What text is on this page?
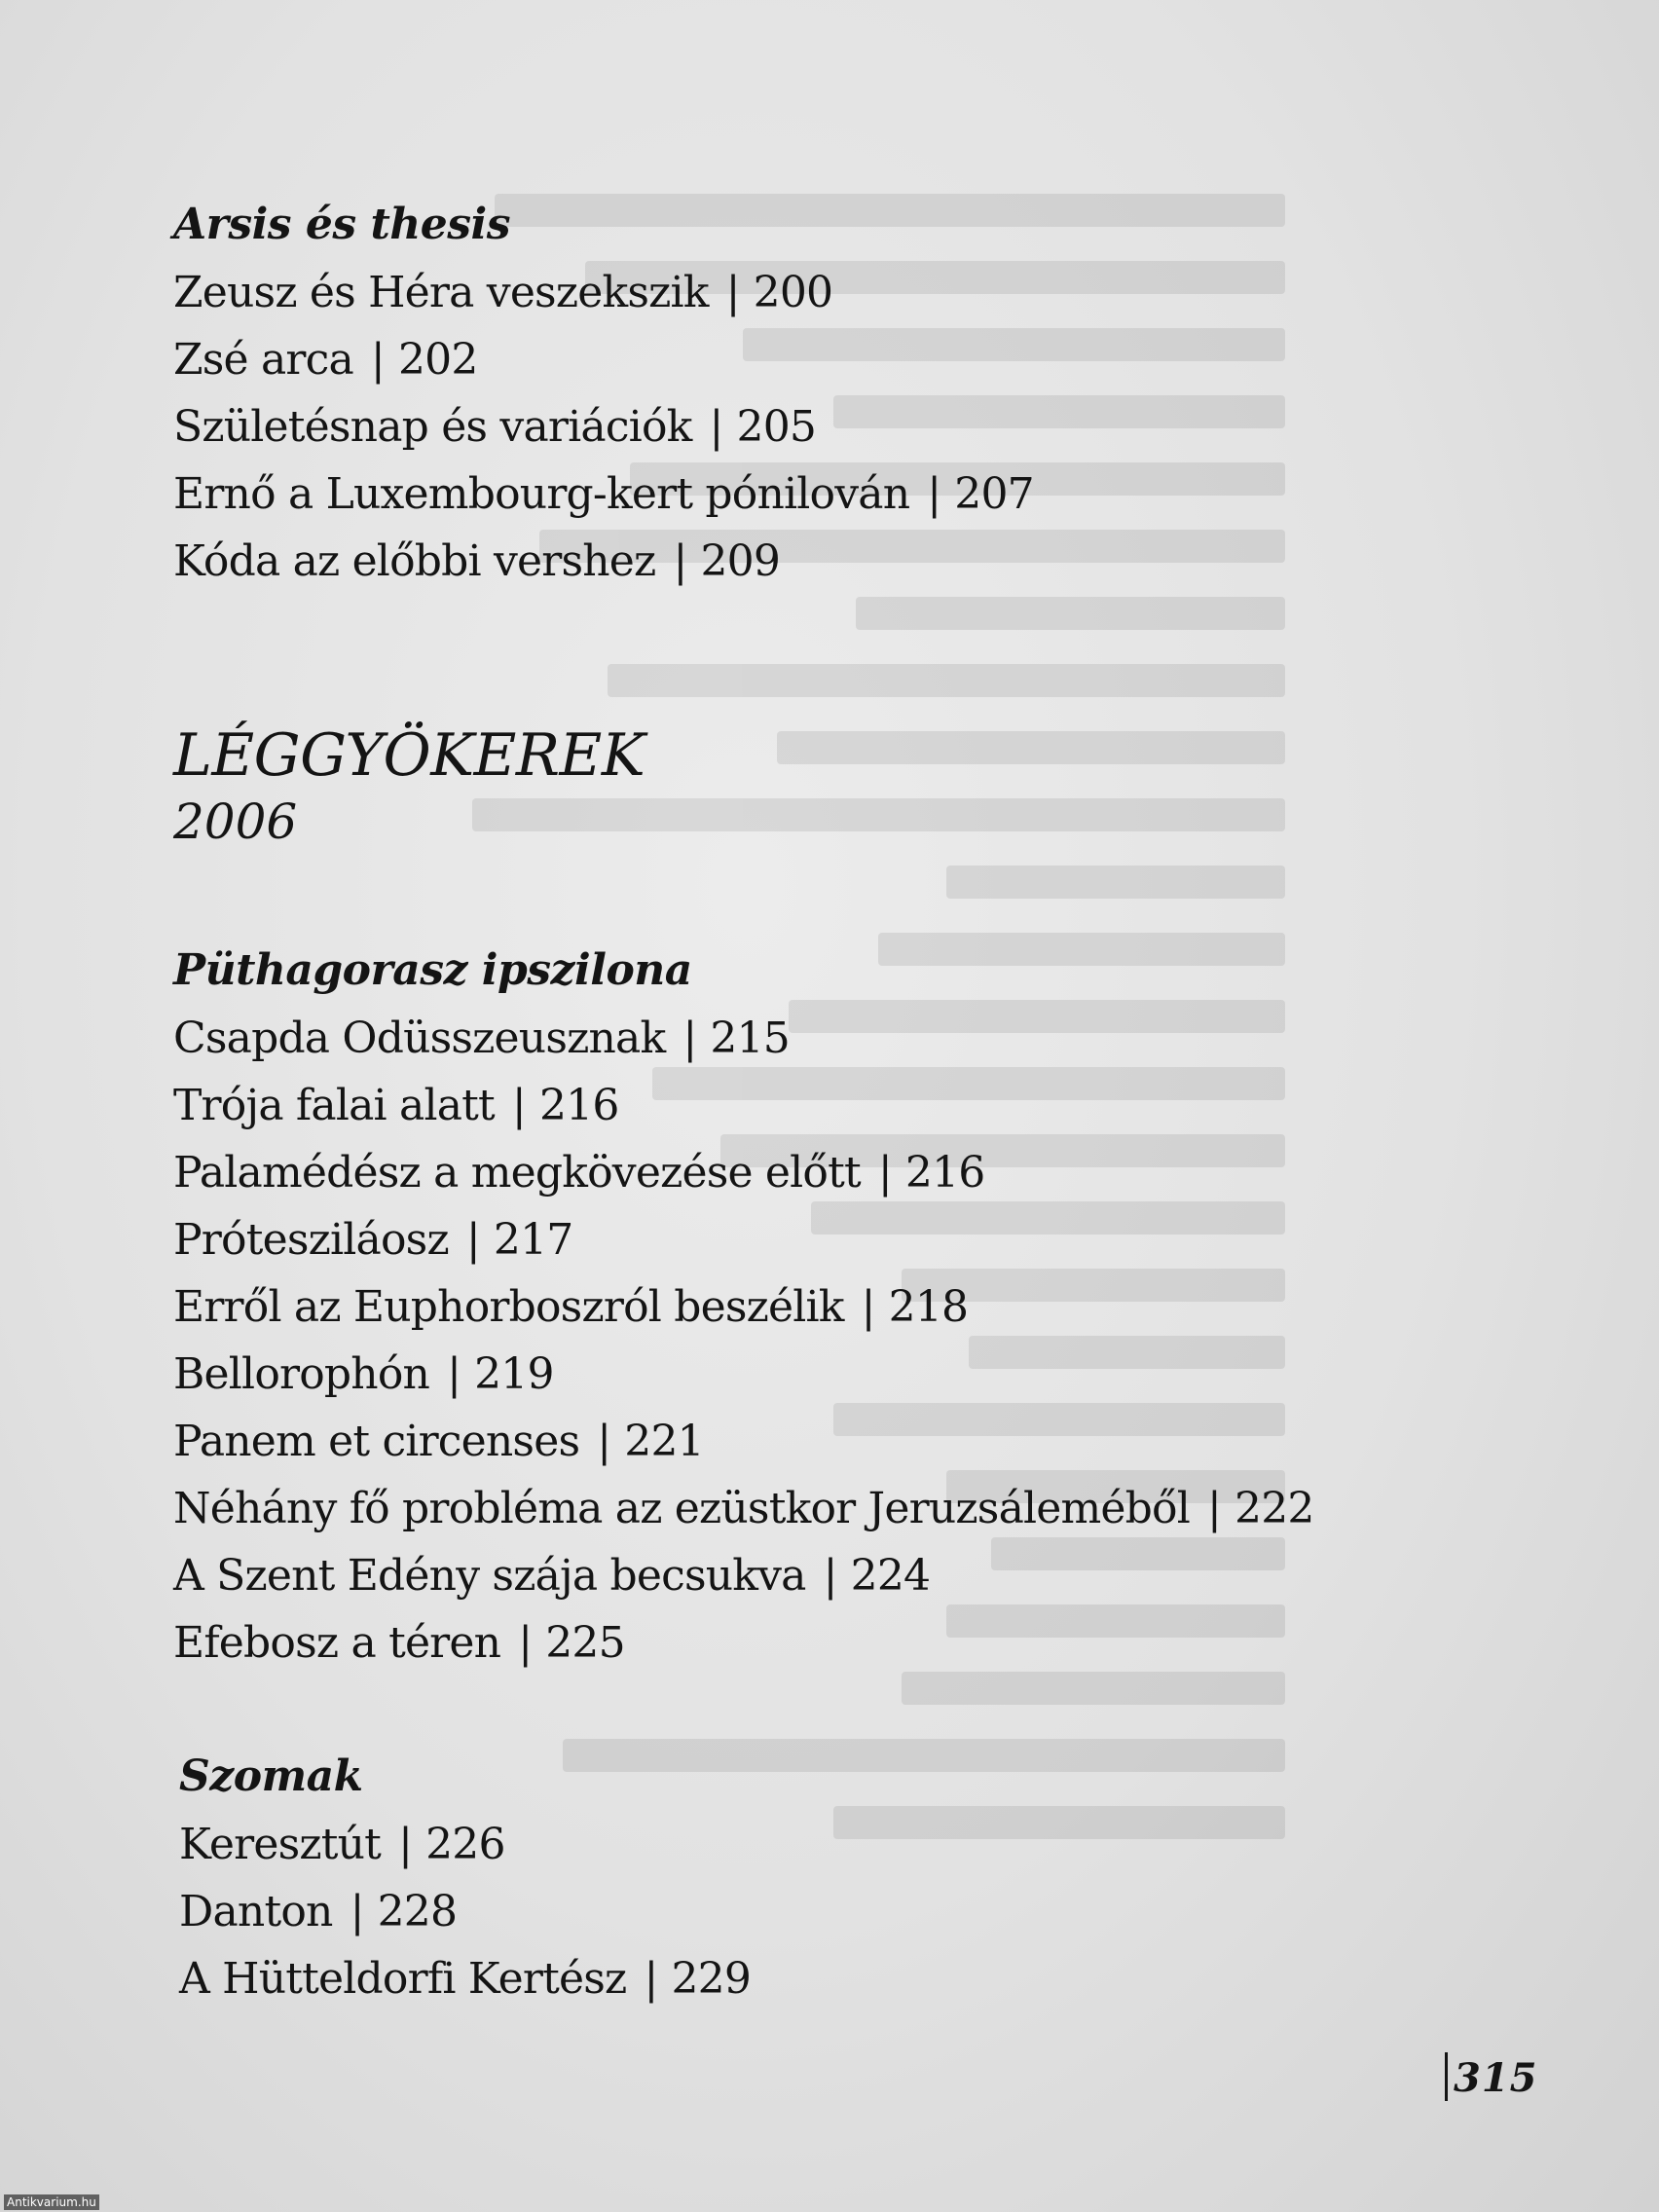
Arsis és thesis
Zeusz és Héra veszekszik | 200
Zsé arca | 202
Születésnap és variációk | 205
Ernő a Luxembourg-kert pónilován | 207
Kóda az előbbi vershez | 209
LÉGGYÖKEREK
2006
Püthagorasz ipszilona
Csapda Odüsszeusznak | 215
Trója falai alatt | 216
Palamédész a megkövezése előtt | 216
Prótesziláosz | 217
Erről az Euphorboszról beszélik | 218
Bellorophón | 219
Panem et circenses | 221
Néhány fő probléma az ezüstkor Jeruzsáleméből | 222
A Szent Edény szája becsukva | 224
Efebosz a téren | 225
Szomak
Keresztút | 226
Danton | 228
A Hütteldorfi Kertész | 229
315
Antikvarium.hu
